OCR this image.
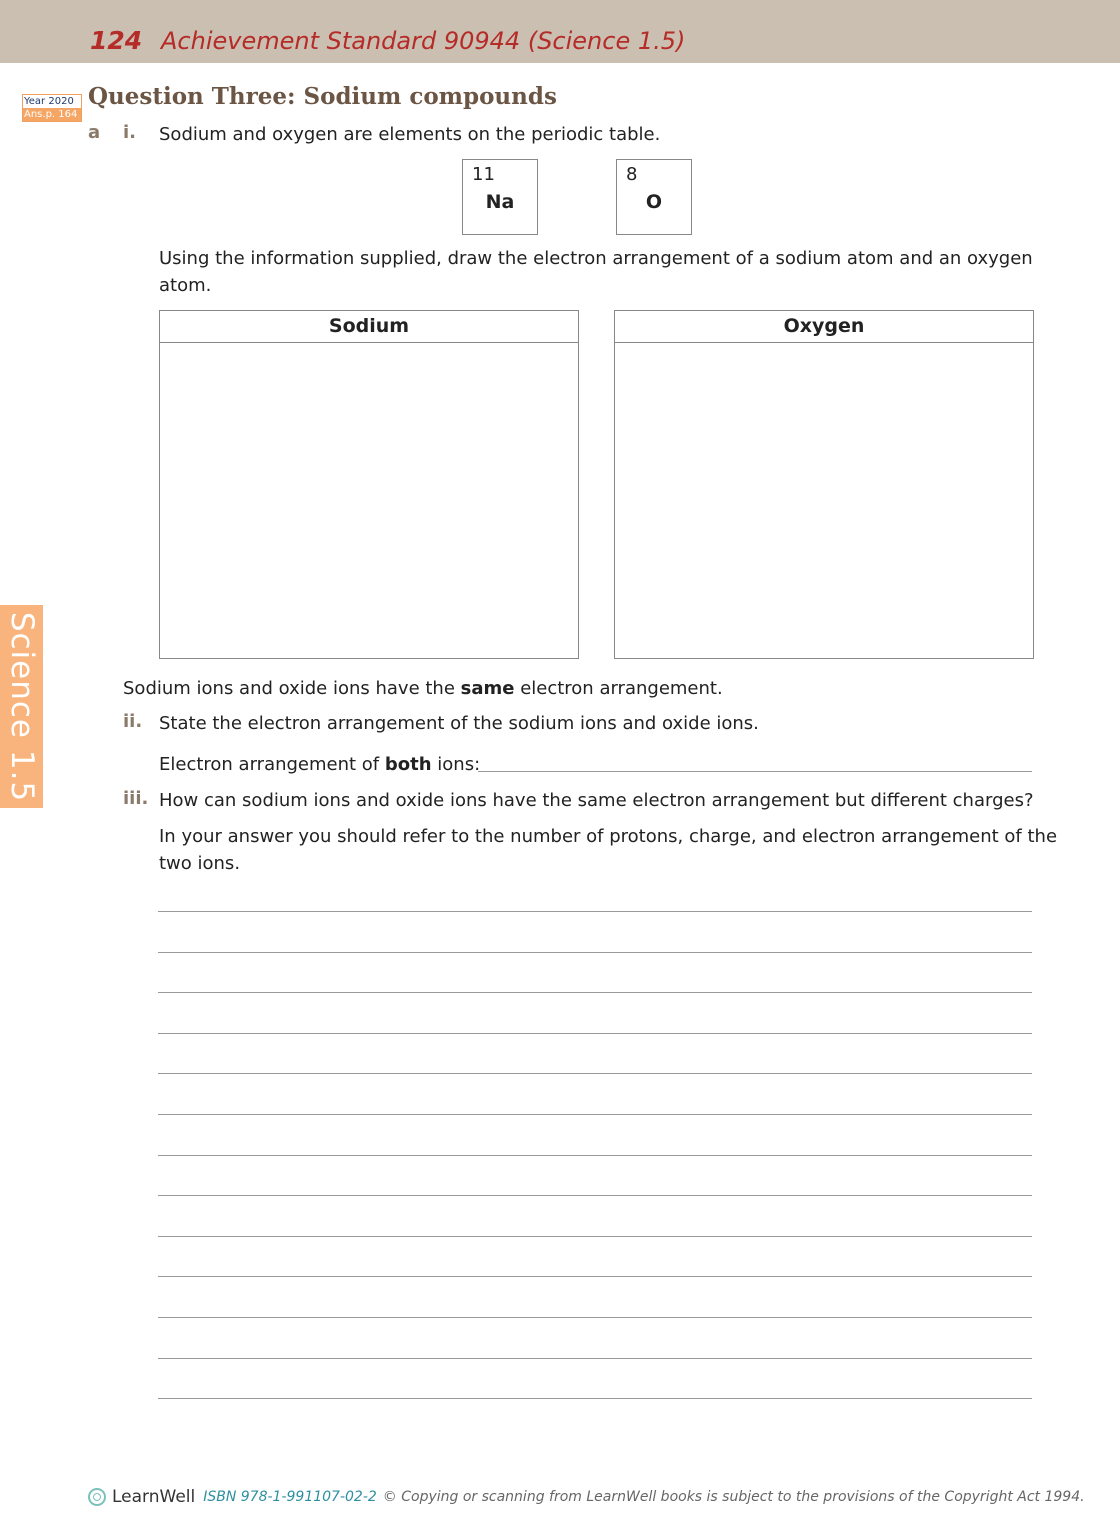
124 Achievement Standard 90944 (Science 1.5)
Year 2020
Ans.p. 164
Question Three: Sodium compounds
a i. Sodium and oxygen are elements on the periodic table.
11
Na
8
O
Using the information supplied, draw the electron arrangement of a sodium atom and an oxygen
atom.
Sodium	Oxygen
Sodium ions and oxide ions have the same electron arrangement.
ii. State the electron arrangement of the sodium ions and oxide ions.
Electron arrangement of both ions:
iii. How can sodium ions and oxide ions have the same electron arrangement but different charges?
In your answer you should refer to the number of protons, charge, and electron arrangement of the
two ions.
Science 1.5
LearnWell ISBN 978-1-991107-02-2 © Copying or scanning from LearnWell books is subject to the provisions of the Copyright Act 1994.
